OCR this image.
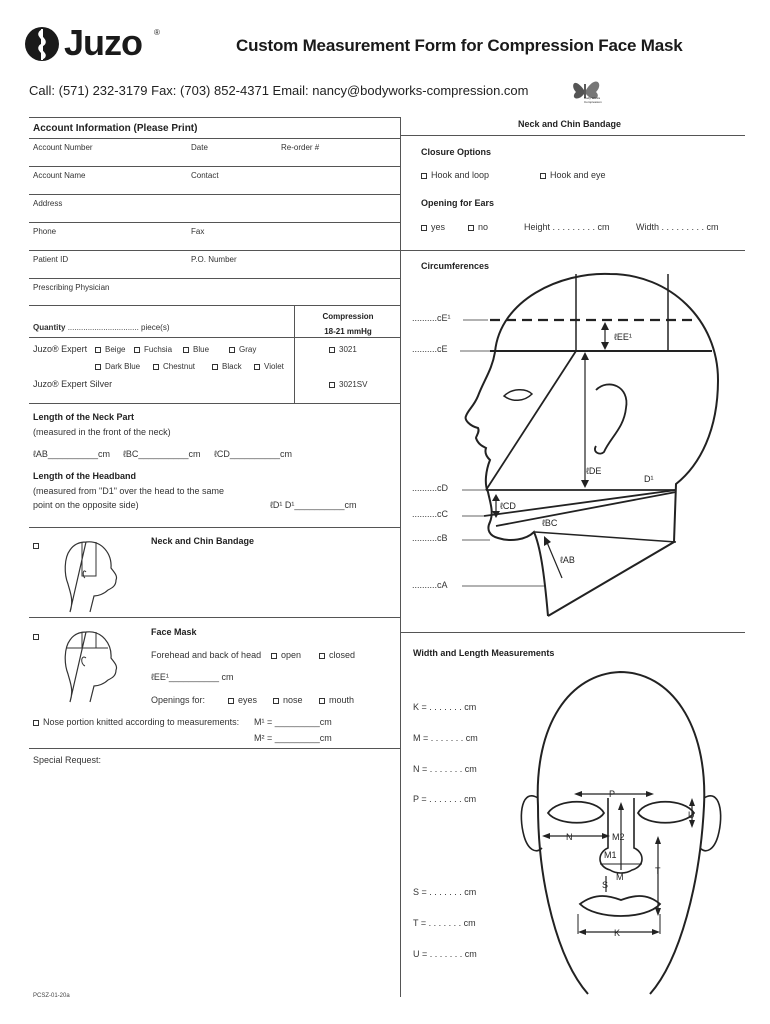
Juzo ®
Custom Measurement Form for Compression Face Mask
Call: (571) 232-3179 Fax: (703) 852-4371 Email: nancy@bodyworks-compression.com	Body Works Compression
Account Information (Please Print)
Account Number	Date	Re-order #
Account Name	Contact
Address
Phone	Fax
Patient ID	P.O. Number
Prescribing Physician
Quantity ................................ piece(s)
Compression
18-21 mmHg
Juzo® Expert	Beige	Fuchsia	Blue	Gray	3021
Dark Blue	Chestnut	Black	Violet
Juzo® Expert Silver	3021SV
Length of the Neck Part
(measured in the front of the neck)
ℓAB__________cm ℓBC__________cm ℓCD__________cm
Length of the Headband
(measured from "D1" over the head to the same
point on the opposite side)	ℓD¹ D¹__________cm
Neck and Chin Bandage
Face Mask
Forehead and back of head	open	closed
ℓEE¹__________ cm
Openings for:	eyes	nose	mouth
Nose portion knitted according to measurements: M¹ = _________cm
M² = _________cm
Special Request:
PCSZ-01-20a
Neck and Chin Bandage
Closure Options
Hook and loop	Hook and eye
Opening for Ears
yes	no	Height . . . . . . . . . cm	Width . . . . . . . . . cm
Circumferences
..........cE¹
..........cE
..........cD
..........cC
..........cB
..........cA
ℓEE¹
ℓDE
D¹
ℓCD
ℓBC
ℓAB
Width and Length Measurements
K = . . . . . . . cm
M = . . . . . . . cm
N = . . . . . . . cm
P = . . . . . . . cm
S = . . . . . . . cm
T = . . . . . . . cm
U = . . . . . . . cm
P
U
N	M2
M1
M
S
T
K
